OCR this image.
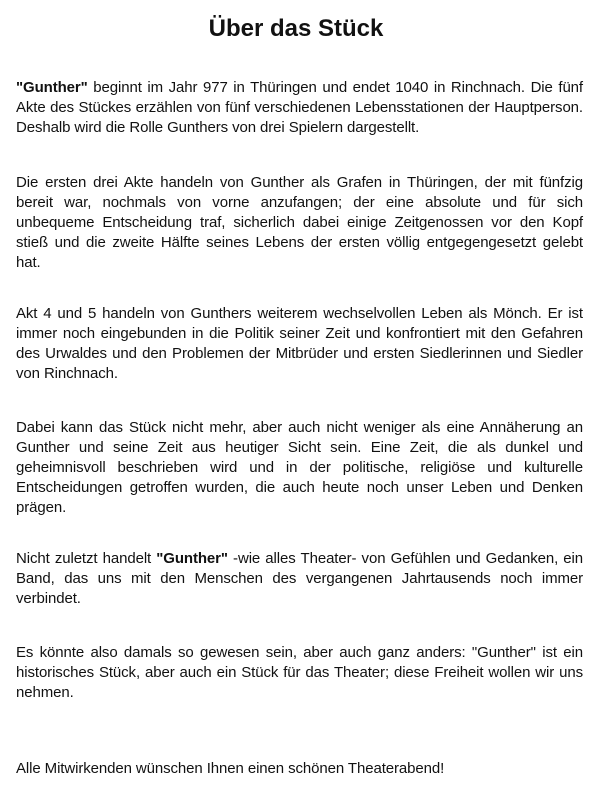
Über das Stück

"Gunther" beginnt im Jahr 977 in Thüringen und endet 1040 in Rinchnach. Die fünf Akte des Stückes erzählen von fünf verschiedenen Lebensstationen der Hauptperson. Deshalb wird die Rolle Gunthers von drei Spielern dargestellt.

Die ersten drei Akte handeln von Gunther als Grafen in Thüringen, der mit fünfzig bereit war, nochmals von vorne anzufangen; der eine absolute und für sich unbequeme Entscheidung traf, sicherlich dabei einige Zeitgenossen vor den Kopf stieß und die zweite Hälfte seines Lebens der ersten völlig entgegengesetzt gelebt hat.

Akt 4 und 5 handeln von Gunthers weiterem wechselvollen Leben als Mönch. Er ist immer noch eingebunden in die Politik seiner Zeit und konfrontiert mit den Gefahren des Urwaldes und den Problemen der Mitbrüder und ersten Siedlerinnen und Siedler von Rinchnach.

Dabei kann das Stück nicht mehr, aber auch nicht weniger als eine Annäherung an Gunther und seine Zeit aus heutiger Sicht sein. Eine Zeit, die als dunkel und geheimnisvoll beschrieben wird und in der politische, religiöse und kulturelle Entscheidungen getroffen wurden, die auch heute noch unser Leben und Denken prägen.

Nicht zuletzt handelt "Gunther" -wie alles Theater- von Gefühlen und Gedanken, ein Band, das uns mit den Menschen des vergangenen Jahrtausends noch immer verbindet.

Es könnte also damals so gewesen sein, aber auch ganz anders: "Gunther" ist ein historisches Stück, aber auch ein Stück für das Theater; diese Freiheit wollen wir uns nehmen.

Alle Mitwirkenden wünschen Ihnen einen schönen Theaterabend!
